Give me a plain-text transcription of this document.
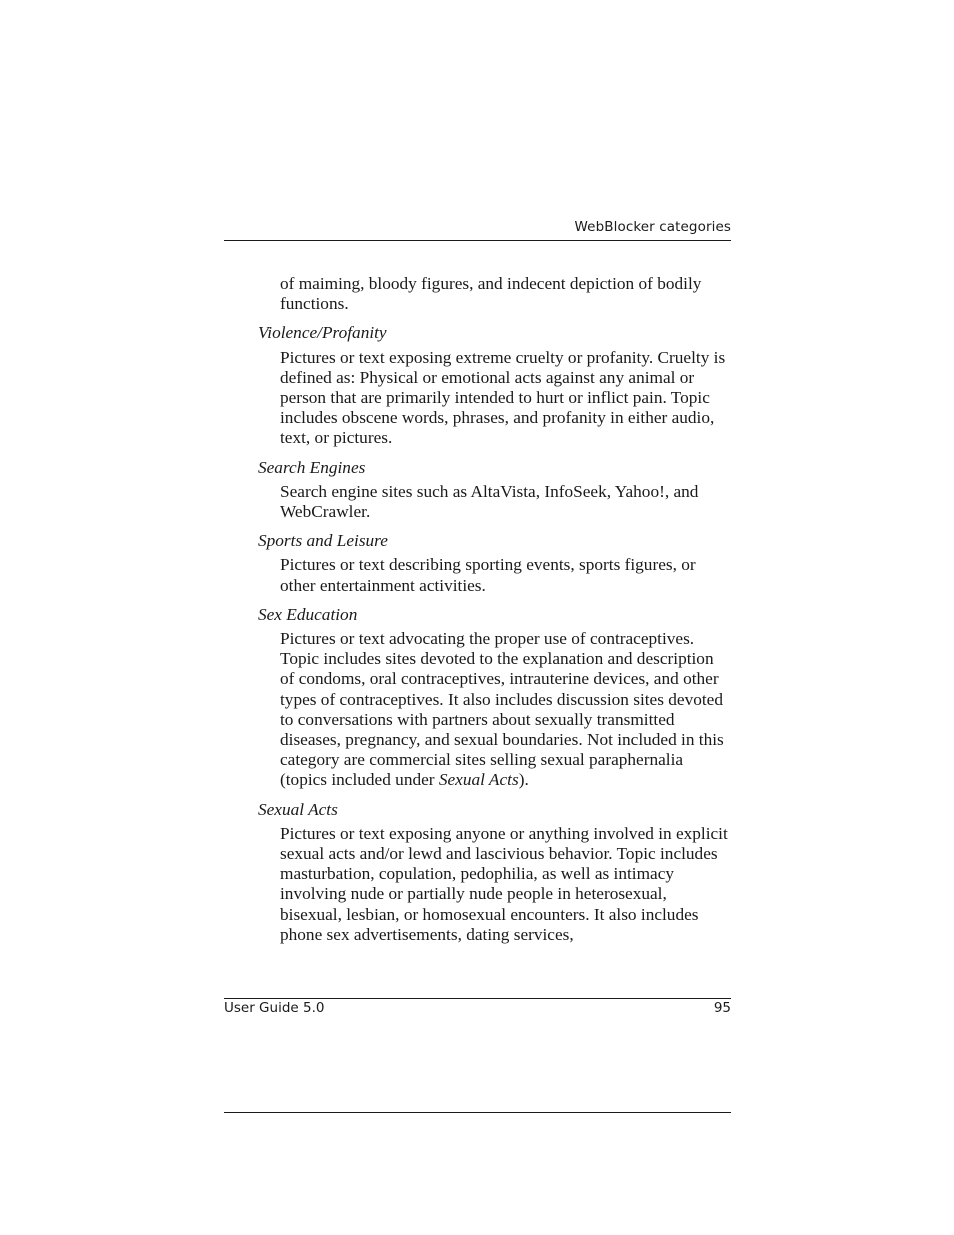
WebBlocker categories

of maiming, bloody figures, and indecent depiction of bodily functions.

Violence/Profanity

Pictures or text exposing extreme cruelty or profanity. Cruelty is defined as: Physical or emotional acts against any animal or person that are primarily intended to hurt or inflict pain. Topic includes obscene words, phrases, and profanity in either audio, text, or pictures.

Search Engines

Search engine sites such as AltaVista, InfoSeek, Yahoo!, and WebCrawler.

Sports and Leisure

Pictures or text describing sporting events, sports figures, or other entertainment activities.

Sex Education

Pictures or text advocating the proper use of contraceptives. Topic includes sites devoted to the explanation and description of condoms, oral contraceptives, intrauterine devices, and other types of contraceptives. It also includes discussion sites devoted to conversations with partners about sexually transmitted diseases, pregnancy, and sexual boundaries. Not included in this category are commercial sites selling sexual paraphernalia (topics included under Sexual Acts).

Sexual Acts

Pictures or text exposing anyone or anything involved in explicit sexual acts and/or lewd and lascivious behavior. Topic includes masturbation, copulation, pedophilia, as well as intimacy involving nude or partially nude people in heterosexual, bisexual, lesbian, or homosexual encounters. It also includes phone sex advertisements, dating services,

User Guide 5.0	95
